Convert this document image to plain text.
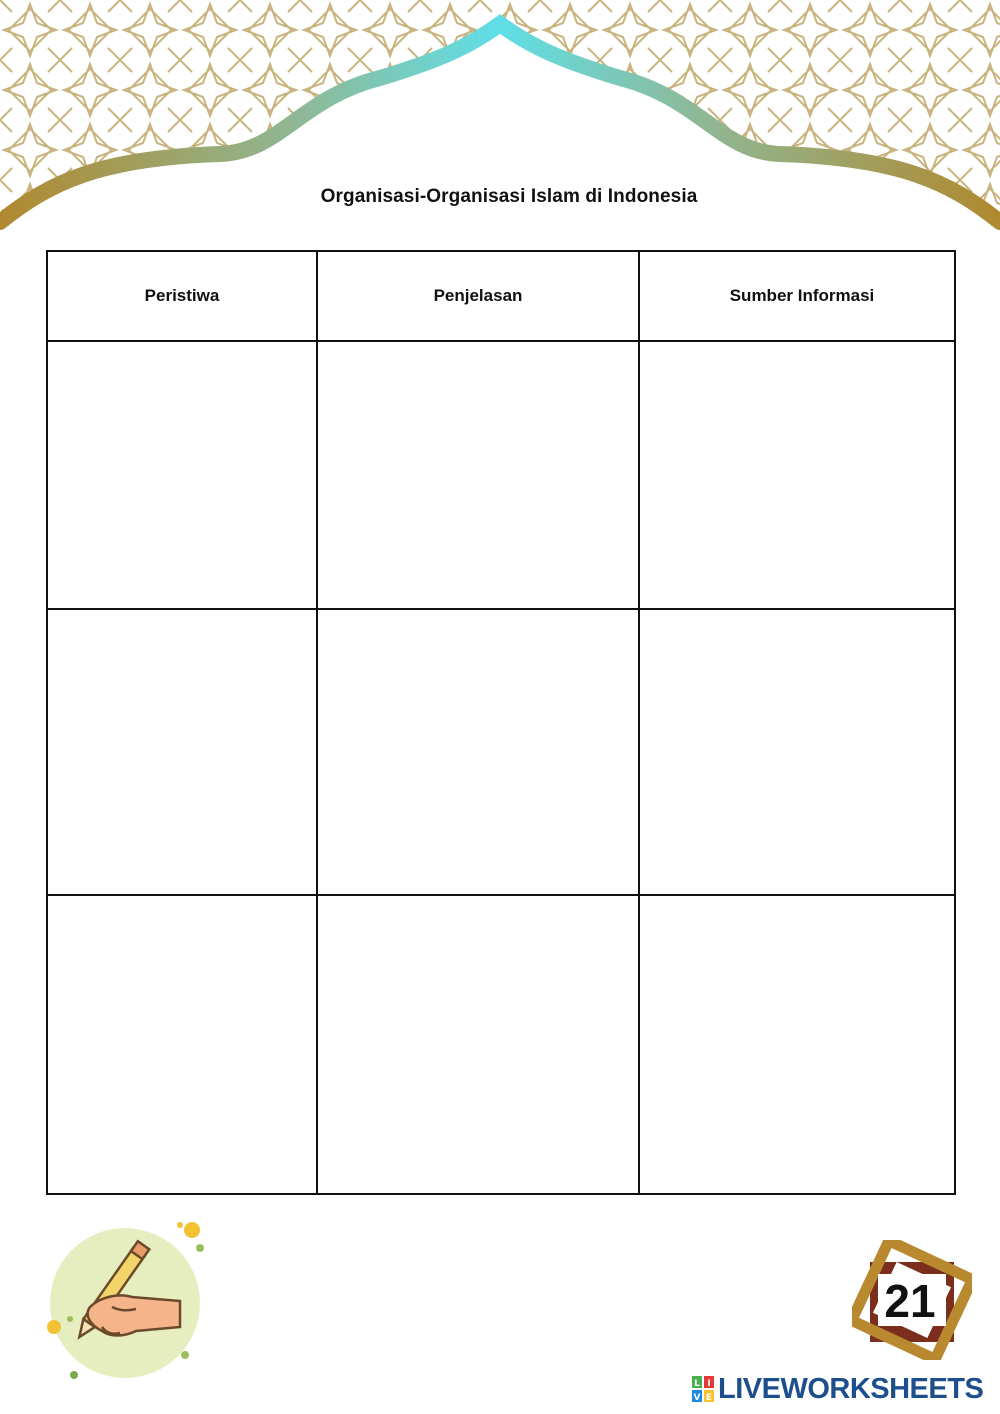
Organisasi-Organisasi Islam di Indonesia
Peristiwa	Penjelasan	Sumber Informasi

21
L I
V E LIVEWORKSHEETS
